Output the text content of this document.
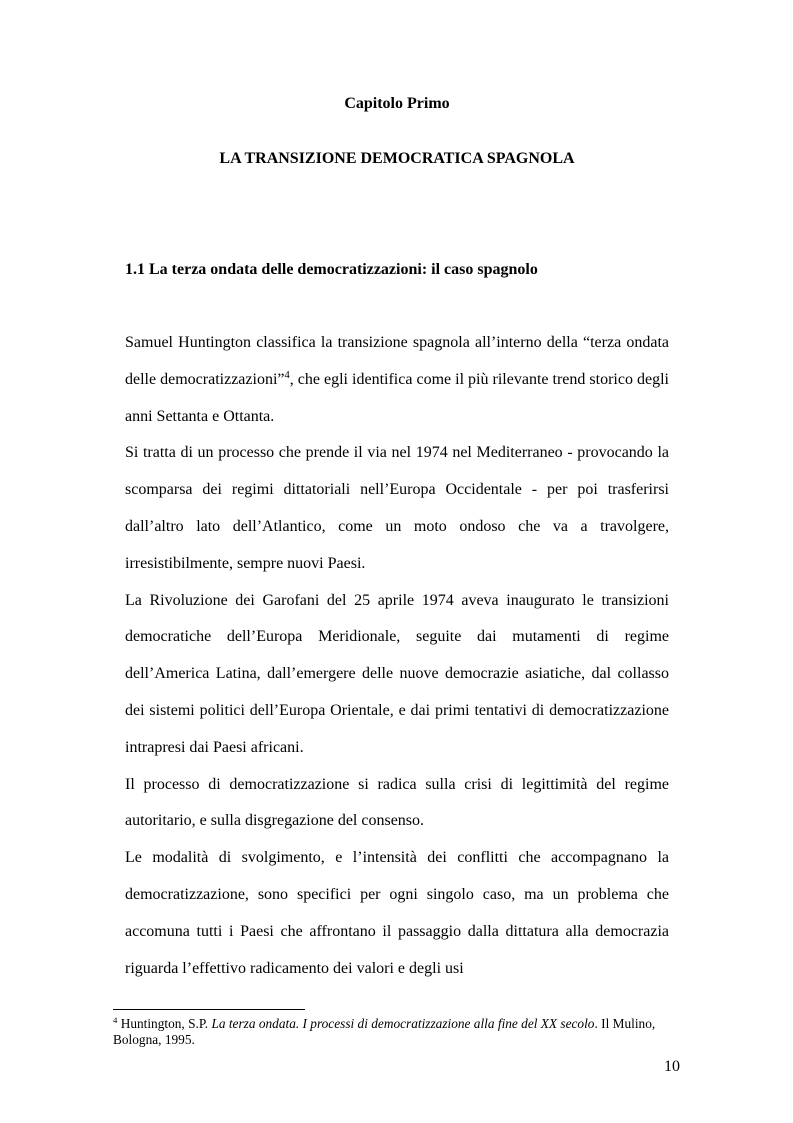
Capitolo Primo
LA TRANSIZIONE DEMOCRATICA SPAGNOLA
1.1 La terza ondata delle democratizzazioni: il caso spagnolo
Samuel Huntington classifica la transizione spagnola all’interno della “terza ondata
delle democratizzazioni”$^4$, che egli identifica come il più rilevante trend storico degli
anni Settanta e Ottanta.
Si tratta di un processo che prende il via nel 1974 nel Mediterraneo - provocando la
scomparsa dei regimi dittatoriali nell’Europa Occidentale - per poi trasferirsi
dall’altro lato dell’Atlantico, come un moto ondoso che va a travolgere,
irresistibilmente, sempre nuovi Paesi.
La Rivoluzione dei Garofani del 25 aprile 1974 aveva inaugurato le transizioni
democratiche dell’Europa Meridionale, seguite dai mutamenti di regime
dell’America Latina, dall’emergere delle nuove democrazie asiatiche, dal collasso
dei sistemi politici dell’Europa Orientale, e dai primi tentativi di democratizzazione
intrapresi dai Paesi africani.
Il processo di democratizzazione si radica sulla crisi di legittimità del regime
autoritario, e sulla disgregazione del consenso.
Le modalità di svolgimento, e l’intensità dei conflitti che accompagnano la
democratizzazione, sono specifici per ogni singolo caso, ma un problema che
accomuna tutti i Paesi che affrontano il passaggio dalla dittatura alla democrazia
riguarda l’effettivo radicamento dei valori e degli usi
$^4$ Huntington, S.P. La terza ondata. I processi di democratizzazione alla fine del XX secolo. Il Mulino,
Bologna, 1995.
10
